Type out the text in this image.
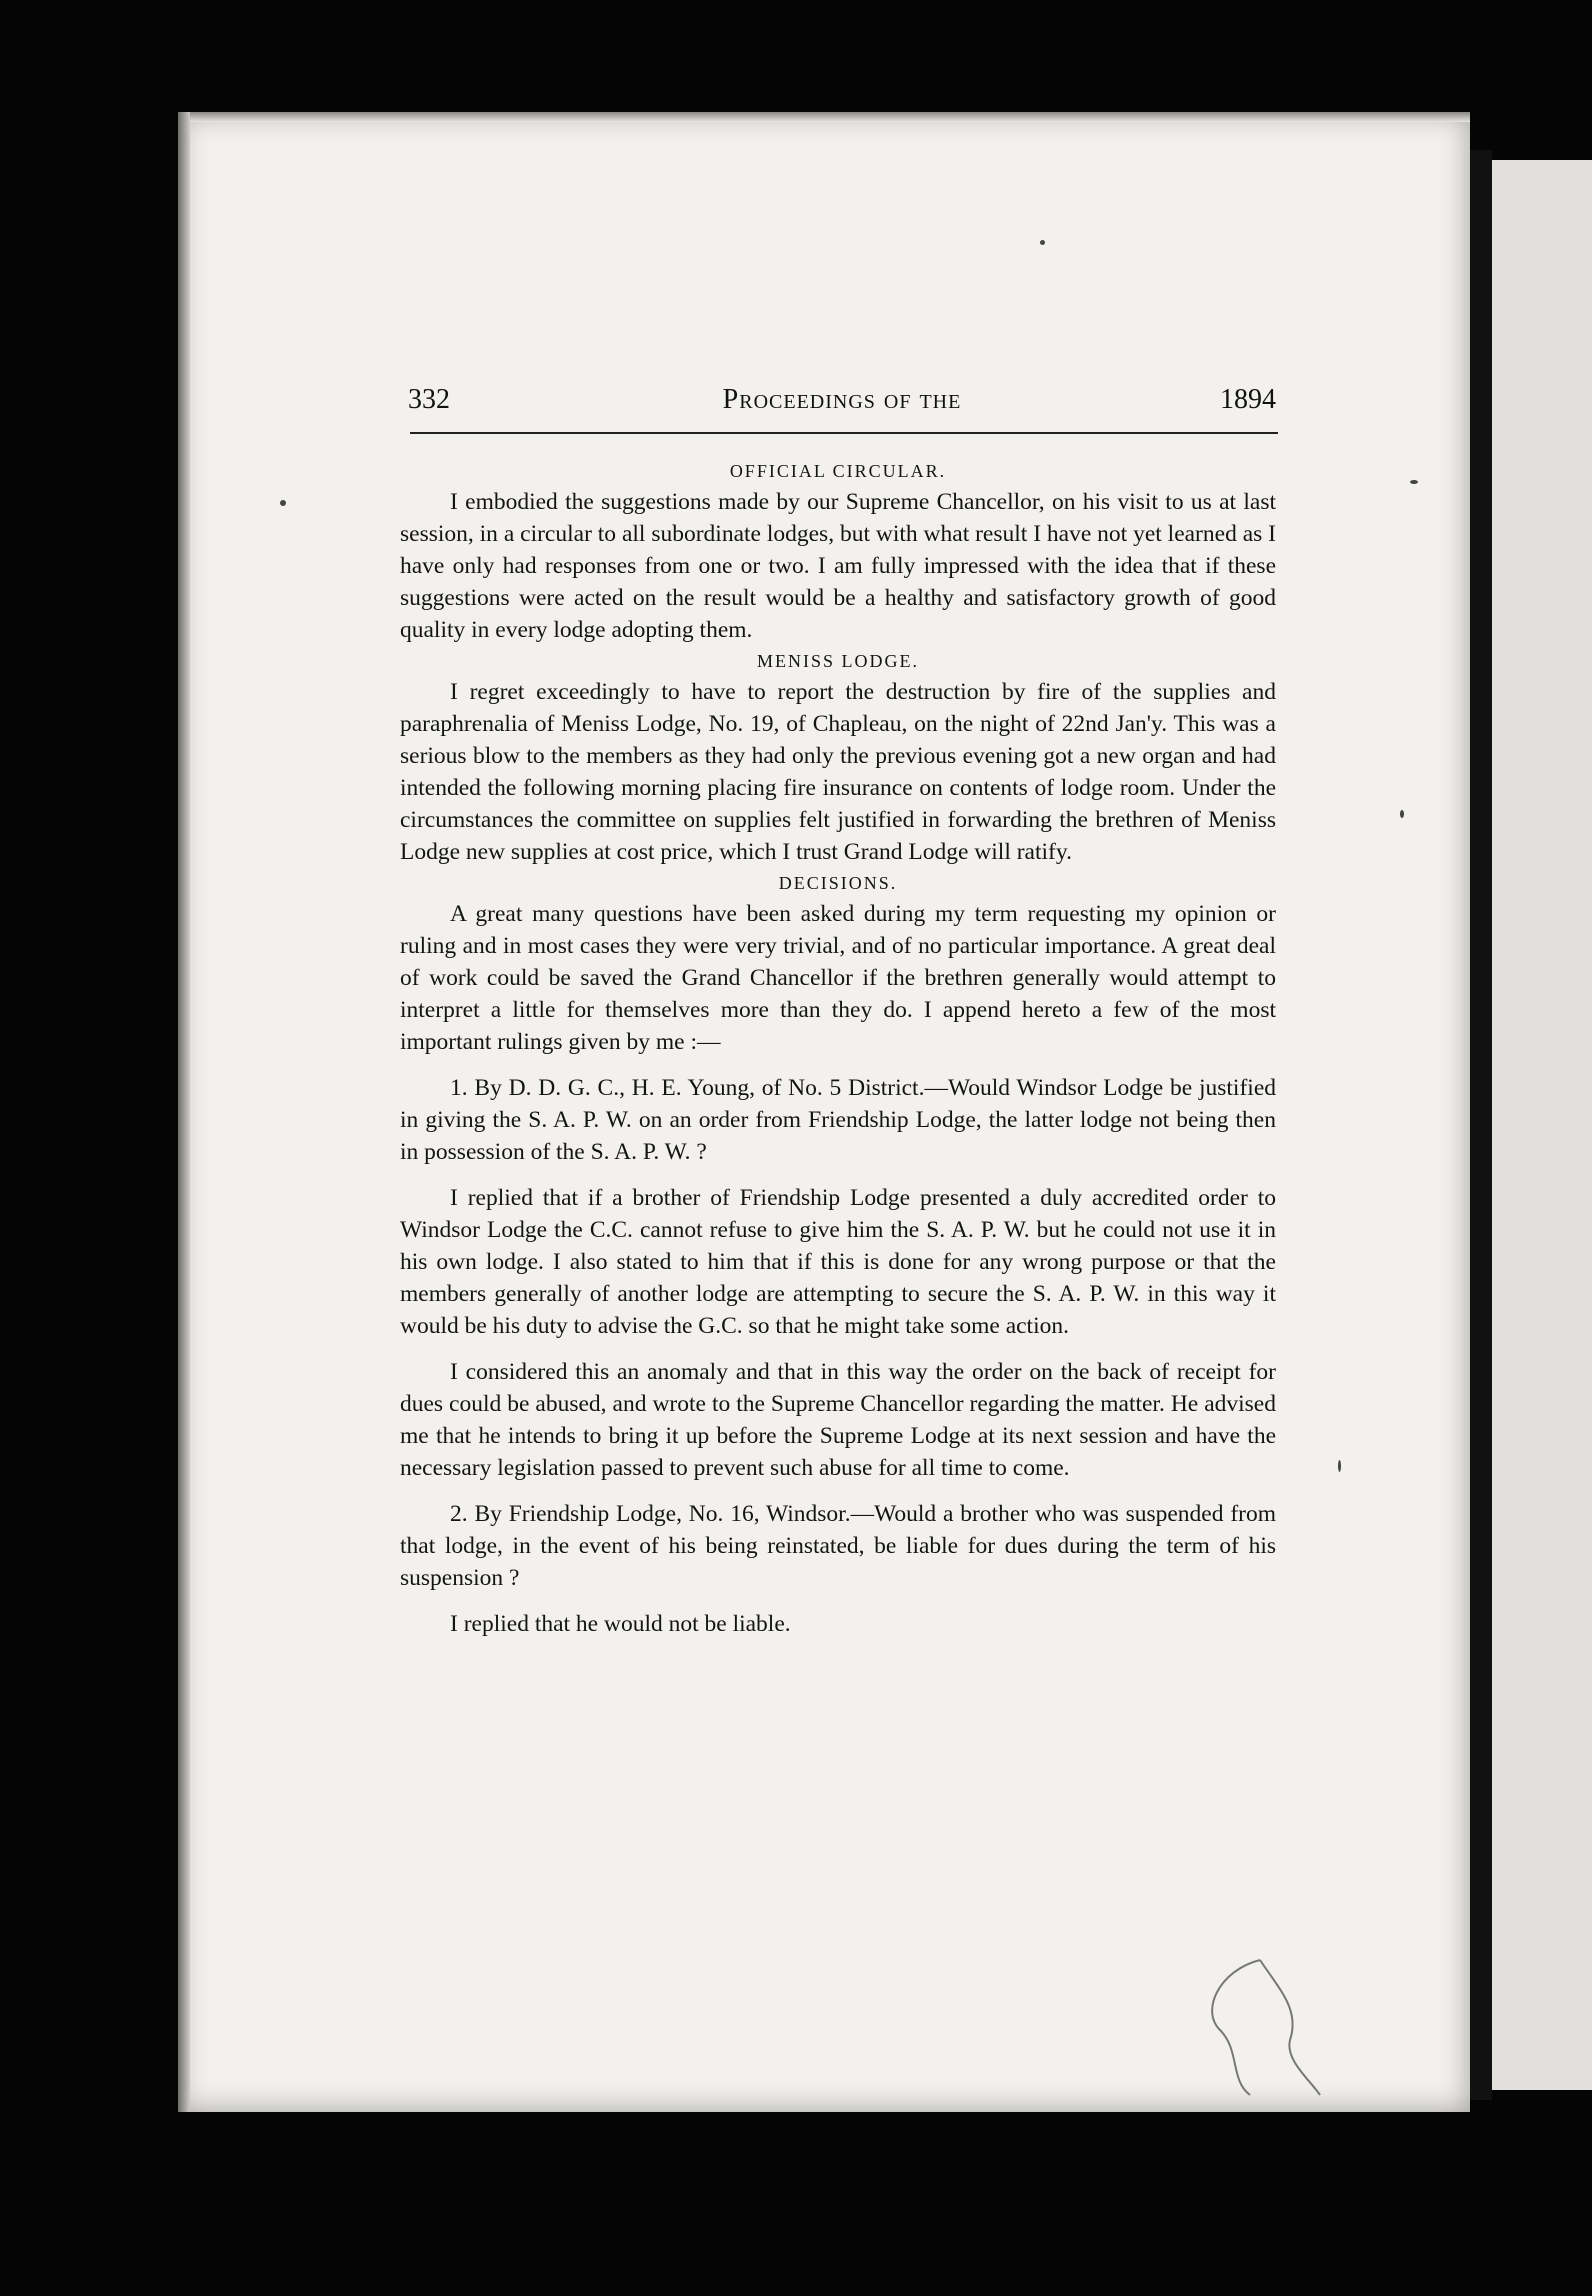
332	Proceedings of the	1894
OFFICIAL CIRCULAR.

I embodied the suggestions made by our Supreme Chancellor, on his visit to us at last session, in a circular to all subordinate lodges, but with what result I have not yet learned as I have only had responses from one or two. I am fully impressed with the idea that if these suggestions were acted on the result would be a healthy and satisfactory growth of good quality in every lodge adopting them.

MENISS LODGE.

I regret exceedingly to have to report the destruction by fire of the supplies and paraphrenalia of Meniss Lodge, No. 19, of Chapleau, on the night of 22nd Jan'y. This was a serious blow to the members as they had only the previous evening got a new organ and had intended the following morning placing fire insurance on contents of lodge room. Under the circumstances the committee on supplies felt justified in forwarding the brethren of Meniss Lodge new supplies at cost price, which I trust Grand Lodge will ratify.

DECISIONS.

A great many questions have been asked during my term requesting my opinion or ruling and in most cases they were very trivial, and of no particular importance. A great deal of work could be saved the Grand Chancellor if the brethren generally would attempt to interpret a little for themselves more than they do. I append hereto a few of the most important rulings given by me :—

1. By D. D. G. C., H. E. Young, of No. 5 District.—Would Windsor Lodge be justified in giving the S. A. P. W. on an order from Friendship Lodge, the latter lodge not being then in possession of the S. A. P. W. ?

I replied that if a brother of Friendship Lodge presented a duly accredited order to Windsor Lodge the C.C. cannot refuse to give him the S. A. P. W. but he could not use it in his own lodge. I also stated to him that if this is done for any wrong purpose or that the members generally of another lodge are attempting to secure the S. A. P. W. in this way it would be his duty to advise the G.C. so that he might take some action.

I considered this an anomaly and that in this way the order on the back of receipt for dues could be abused, and wrote to the Supreme Chancellor regarding the matter. He advised me that he intends to bring it up before the Supreme Lodge at its next session and have the necessary legislation passed to prevent such abuse for all time to come.

2. By Friendship Lodge, No. 16, Windsor.—Would a brother who was suspended from that lodge, in the event of his being reinstated, be liable for dues during the term of his suspension ?

I replied that he would not be liable.
